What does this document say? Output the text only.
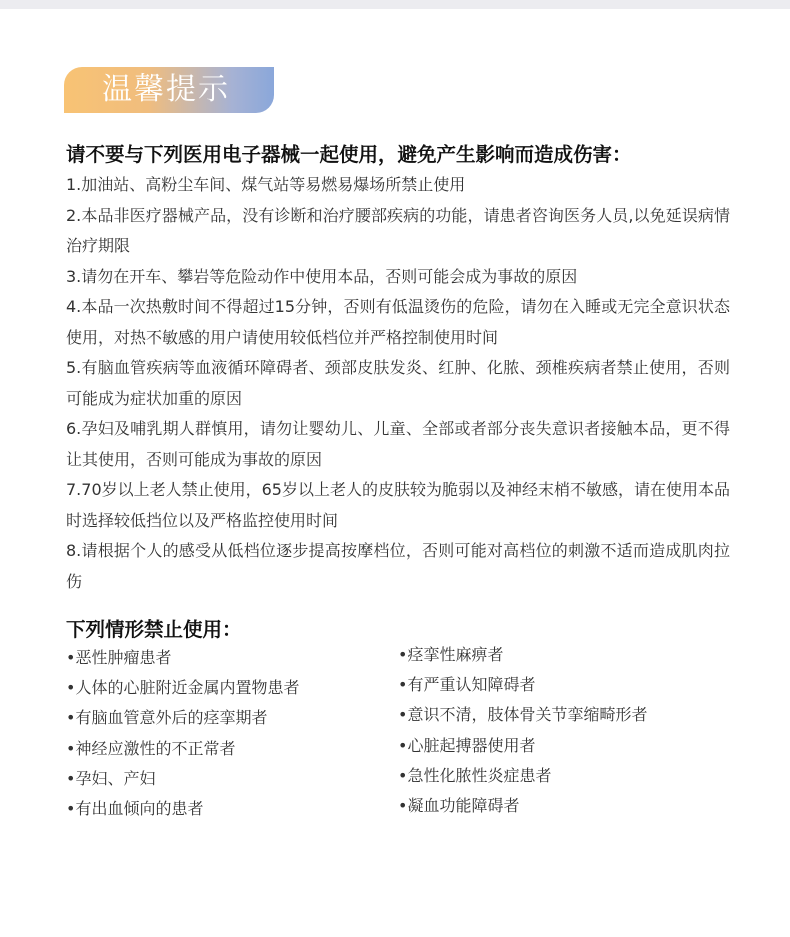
温馨提示
请不要与下列医用电子器械一起使用，避免产生影响而造成伤害：

1.加油站、高粉尘车间、煤气站等易燃易爆场所禁止使用

2.本品非医疗器械产品，没有诊断和治疗腰部疾病的功能，请患者咨询医务人员,以免延误病情治疗期限

3.请勿在开车、攀岩等危险动作中使用本品，否则可能会成为事故的原因

4.本品一次热敷时间不得超过15分钟，否则有低温烫伤的危险，请勿在入睡或无完全意识状态使用，对热不敏感的用户请使用较低档位并严格控制使用时间

5.有脑血管疾病等血液循环障碍者、颈部皮肤发炎、红肿、化脓、颈椎疾病者禁止使用，否则可能成为症状加重的原因

6.孕妇及哺乳期人群慎用，请勿让婴幼儿、儿童、全部或者部分丧失意识者接触本品，更不得让其使用，否则可能成为事故的原因

7.70岁以上老人禁止使用，65岁以上老人的皮肤较为脆弱以及神经末梢不敏感，请在使用本品时选择较低挡位以及严格监控使用时间

8.请根据个人的感受从低档位逐步提高按摩档位，否则可能对高档位的刺激不适而造成肌肉拉伤

下列情形禁止使用：
•恶性肿瘤患者
•人体的心脏附近金属内置物患者
•有脑血管意外后的痉挛期者
•神经应激性的不正常者
•孕妇、产妇
•有出血倾向的患者
•痉挛性麻痹者
•有严重认知障碍者
•意识不清，肢体骨关节挛缩畸形者
•心脏起搏器使用者
•急性化脓性炎症患者
•凝血功能障碍者
